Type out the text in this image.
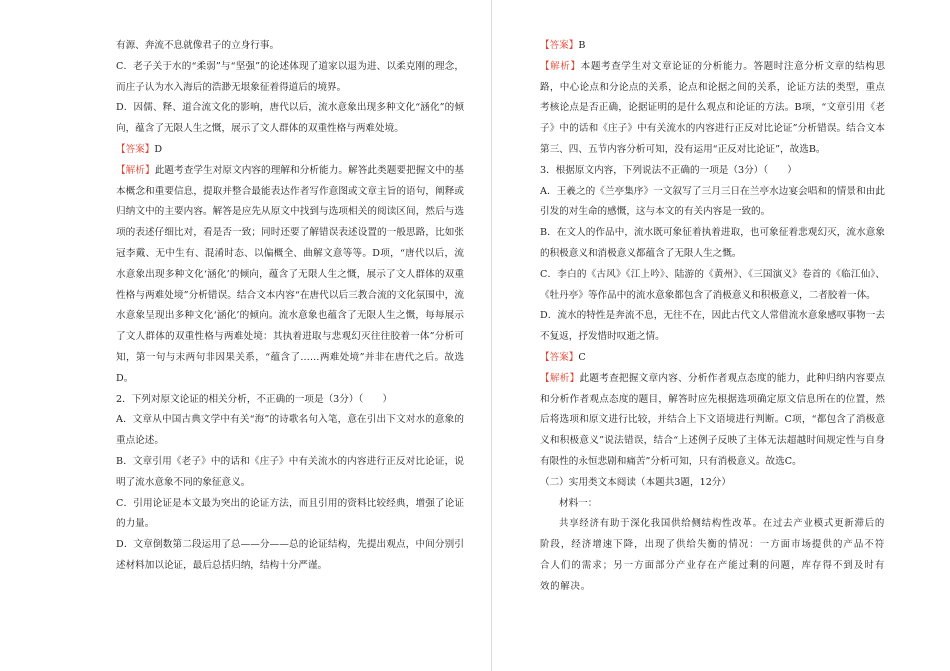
有源、奔流不息就像君子的立身行事。

C．老子关于水的“柔弱”与“坚强”的论述体现了道家以退为进、以柔克刚的理念，而庄子认为水入海后的浩渺无垠象征着得道后的境界。

D．因儒、释、道合流文化的影响，唐代以后，流水意象出现多种文化“涵化”的倾向，蕴含了无限人生之慨，展示了文人群体的双重性格与两难处境。

【答案】D

【解析】此题考查学生对原文内容的理解和分析能力。解答此类题要把握文中的基本概念和重要信息，提取并整合最能表达作者写作意图或文章主旨的语句，阐释或归纳文中的主要内容。解答是应先从原文中找到与选项相关的阅读区间，然后与选项的表述仔细比对，看是否一致；同时还要了解错误表述设置的一般思路，比如张冠李戴、无中生有、混淆时态、以偏概全、曲解文意等等。D项，“唐代以后，流水意象出现多种文化‘涵化’的倾向，蕴含了无限人生之慨，展示了文人群体的双重性格与两难处境”分析错误。结合文本内容“在唐代以后三教合流的文化氛围中，流水意象呈现出多种文化‘涵化’的倾向。流水意象也蕴含了无限人生之慨，每每展示了文人群体的双重性格与两难处境：其执着进取与悲观幻灭往往胶着一体”分析可知，第一句与末两句非因果关系，“蕴含了……两难处境”并非在唐代之后。故选D。

2．下列对原文论证的相关分析，不正确的一项是（3分）（　　）

A．文章从中国古典文学中有关“海”的诗歌名句入笔，意在引出下文对水的意象的重点论述。

B．文章引用《老子》中的话和《庄子》中有关流水的内容进行正反对比论证，说明了流水意象不同的象征意义。

C．引用论证是本文最为突出的论证方法，而且引用的资料比较经典，增强了论证的力量。

D．文章倒数第二段运用了总——分——总的论证结构，先提出观点，中间分别引述材料加以论证，最后总括归纳，结构十分严谨。

【答案】B

【解析】本题考查学生对文章论证的分析能力。答题时注意分析文章的结构思路，中心论点和分论点的关系，论点和论据之间的关系，论证方法的类型，重点考核论点是否正确，论据证明的是什么观点和论证的方法。B项，“文章引用《老子》中的话和《庄子》中有关流水的内容进行正反对比论证”分析错误。结合文本第三、四、五节内容分析可知，没有运用“正反对比论证”，故选B。

3．根据原文内容，下列说法不正确的一项是（3分）（　　）

A．王羲之的《兰亭集序》一文叙写了三月三日在兰亭水边宴会唱和的情景和由此引发的对生命的感慨，这与本文的有关内容是一致的。

B．在文人的作品中，流水既可象征着执着进取，也可象征着悲观幻灭，流水意象的积极意义和消极意义都蕴含了无限人生之慨。

C．李白的《古风》《江上吟》、陆游的《黄州》、《三国演义》卷首的《临江仙》、《牡丹亭》等作品中的流水意象都包含了消极意义和积极意义，二者胶着一体。

D．流水的特性是奔流不息，无往不在，因此古代文人常借流水意象感叹事物一去不复返，抒发惜时叹逝之情。

【答案】C

【解析】此题考查把握文章内容、分析作者观点态度的能力，此种归纳内容要点和分析作者观点态度的题目，解答时应先根据选项确定原文信息所在的位置，然后将选项和原文进行比较，并结合上下文语境进行判断。C项，“都包含了消极意义和积极意义”说法错误，结合“上述例子反映了主体无法超越时间规定性与自身有限性的永恒悲剧和痛苦”分析可知，只有消极意义。故选C。

（二）实用类文本阅读（本题共3题，12分）

材料一：

共享经济有助于深化我国供给侧结构性改革。在过去产业模式更新滞后的阶段，经济增速下降，出现了供给失衡的情况：一方面市场提供的产品不符合人们的需求；另一方面部分产业存在产能过剩的问题，库存得不到及时有效的解决。
